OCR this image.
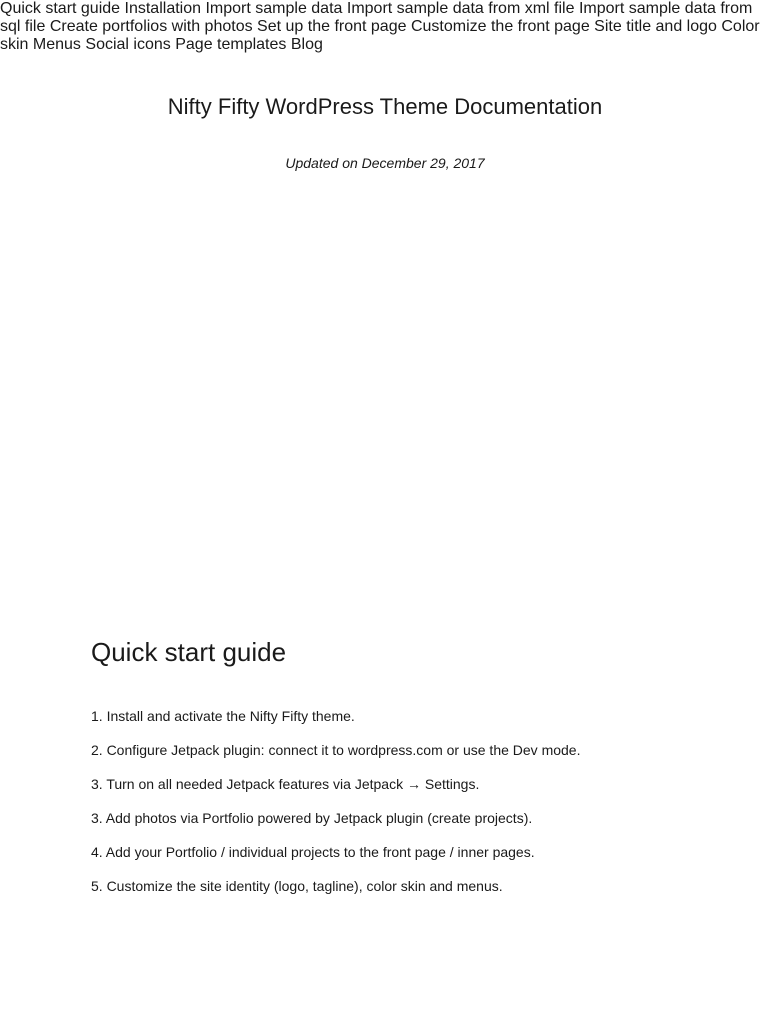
Nifty Fifty WordPress Theme Documentation

Updated on December 29, 2017

Quick start guide Installation Import sample data Import sample data from xml file Import sample data from sql file Create portfolios with photos Set up the front page Customize the front page Site title and logo Color skin Menus Social icons Page templates Blog
Quick start guide

1. Install and activate the Nifty Fifty theme.

2. Configure Jetpack plugin: connect it to wordpress.com or use the Dev mode.

3. Turn on all needed Jetpack features via Jetpack → Settings.

3. Add photos via Portfolio powered by Jetpack plugin (create projects).

4. Add your Portfolio / individual projects to the front page / inner pages.

5. Customize the site identity (logo, tagline), color skin and menus.
